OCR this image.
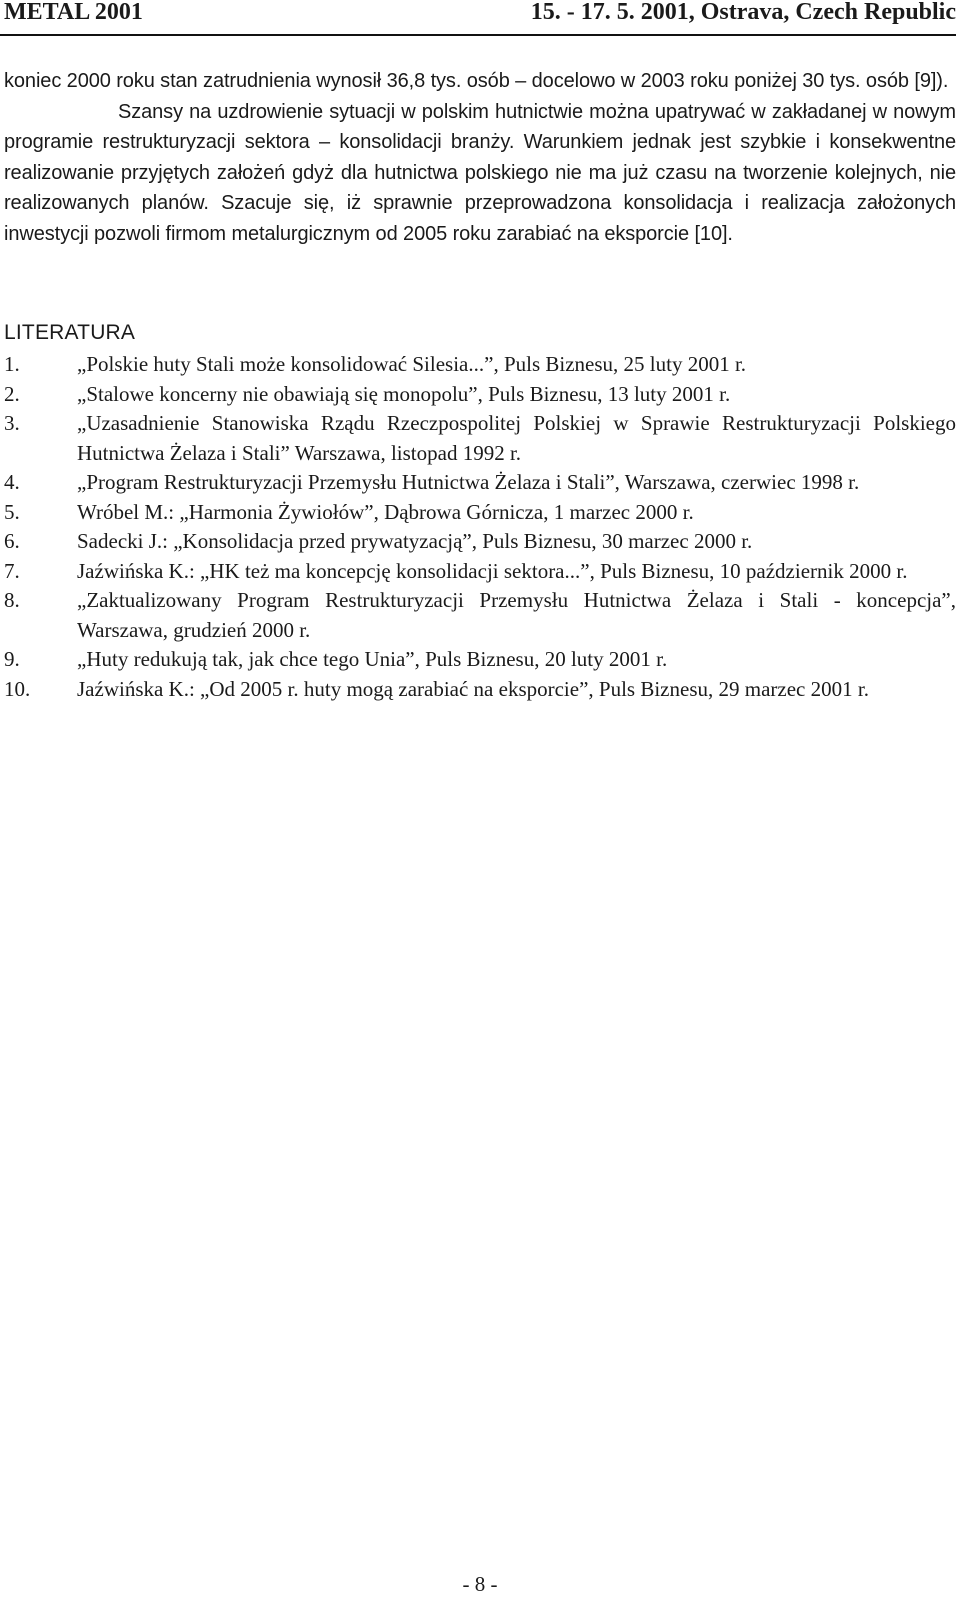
METAL 2001	15. - 17. 5. 2001, Ostrava, Czech Republic

koniec 2000 roku stan zatrudnienia wynosił 36,8 tys. osób – docelowo w 2003 roku poniżej 30 tys. osób [9]).

Szansy na uzdrowienie sytuacji w polskim hutnictwie można upatrywać w zakładanej w nowym programie restrukturyzacji sektora – konsolidacji branży. Warunkiem jednak jest szybkie i konsekwentne realizowanie przyjętych założeń gdyż dla hutnictwa polskiego nie ma już czasu na tworzenie kolejnych, nie realizowanych planów. Szacuje się, iż sprawnie przeprowadzona konsolidacja i realizacja założonych inwestycji pozwoli firmom metalurgicznym od 2005 roku zarabiać na eksporcie [10].

LITERATURA
1.	„Polskie huty Stali może konsolidować Silesia...”, Puls Biznesu, 25 luty 2001 r.
2.	„Stalowe koncerny nie obawiają się monopolu”, Puls Biznesu, 13 luty 2001 r.
3.	„Uzasadnienie Stanowiska Rządu Rzeczpospolitej Polskiej w Sprawie Restrukturyzacji Polskiego Hutnictwa Żelaza i Stali” Warszawa, listopad 1992 r.
4.	„Program Restrukturyzacji Przemysłu Hutnictwa Żelaza i Stali”, Warszawa, czerwiec 1998 r.
5.	Wróbel M.: „Harmonia Żywiołów”, Dąbrowa Górnicza, 1 marzec 2000 r.
6.	Sadecki J.: „Konsolidacja przed prywatyzacją”, Puls Biznesu, 30 marzec 2000 r.
7.	Jaźwińska K.: „HK też ma koncepcję konsolidacji sektora...”, Puls Biznesu, 10 październik 2000 r.
8.	„Zaktualizowany Program Restrukturyzacji Przemysłu Hutnictwa Żelaza i Stali - koncepcja”, Warszawa, grudzień 2000 r.
9.	„Huty redukują tak, jak chce tego Unia”, Puls Biznesu, 20 luty 2001 r.
10. Jaźwińska K.: „Od 2005 r. huty mogą zarabiać na eksporcie”, Puls Biznesu, 29 marzec 2001 r.
- 8 -
